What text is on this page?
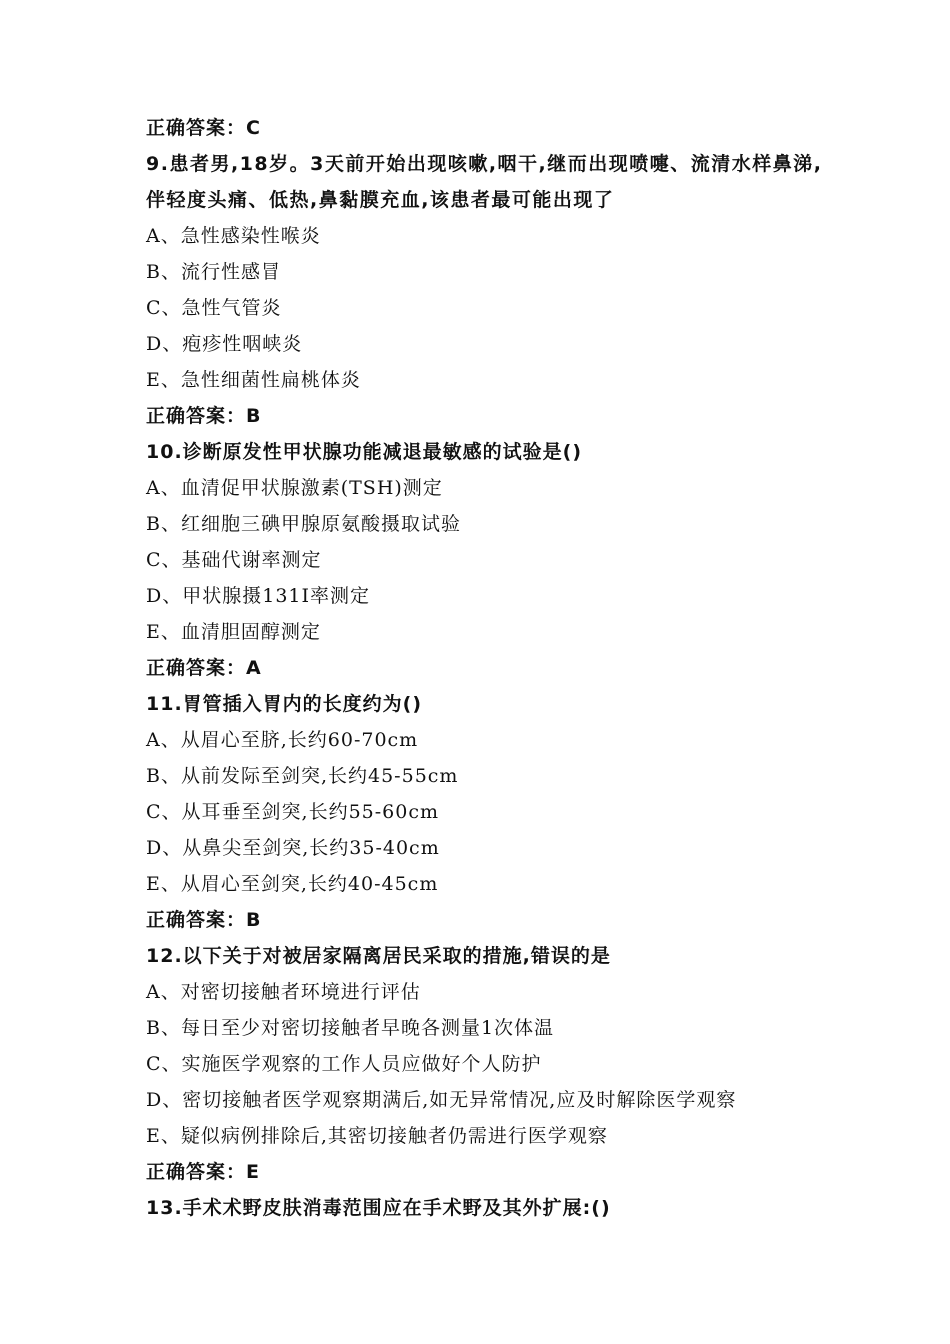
正确答案：C
9.患者男,18岁。3天前开始出现咳嗽,咽干,继而出现喷嚏、流清水样鼻涕,伴轻度头痛、低热,鼻黏膜充血,该患者最可能出现了
A、急性感染性喉炎
B、流行性感冒
C、急性气管炎
D、疱疹性咽峡炎
E、急性细菌性扁桃体炎
正确答案：B
10.诊断原发性甲状腺功能减退最敏感的试验是()
A、血清促甲状腺激素(TSH)测定
B、红细胞三碘甲腺原氨酸摄取试验
C、基础代谢率测定
D、甲状腺摄131I率测定
E、血清胆固醇测定
正确答案：A
11.胃管插入胃内的长度约为()
A、从眉心至脐,长约60-70cm
B、从前发际至剑突,长约45-55cm
C、从耳垂至剑突,长约55-60cm
D、从鼻尖至剑突,长约35-40cm
E、从眉心至剑突,长约40-45cm
正确答案：B
12.以下关于对被居家隔离居民采取的措施,错误的是
A、对密切接触者环境进行评估
B、每日至少对密切接触者早晚各测量1次体温
C、实施医学观察的工作人员应做好个人防护
D、密切接触者医学观察期满后,如无异常情况,应及时解除医学观察
E、疑似病例排除后,其密切接触者仍需进行医学观察
正确答案：E
13.手术术野皮肤消毒范围应在手术野及其外扩展:()
